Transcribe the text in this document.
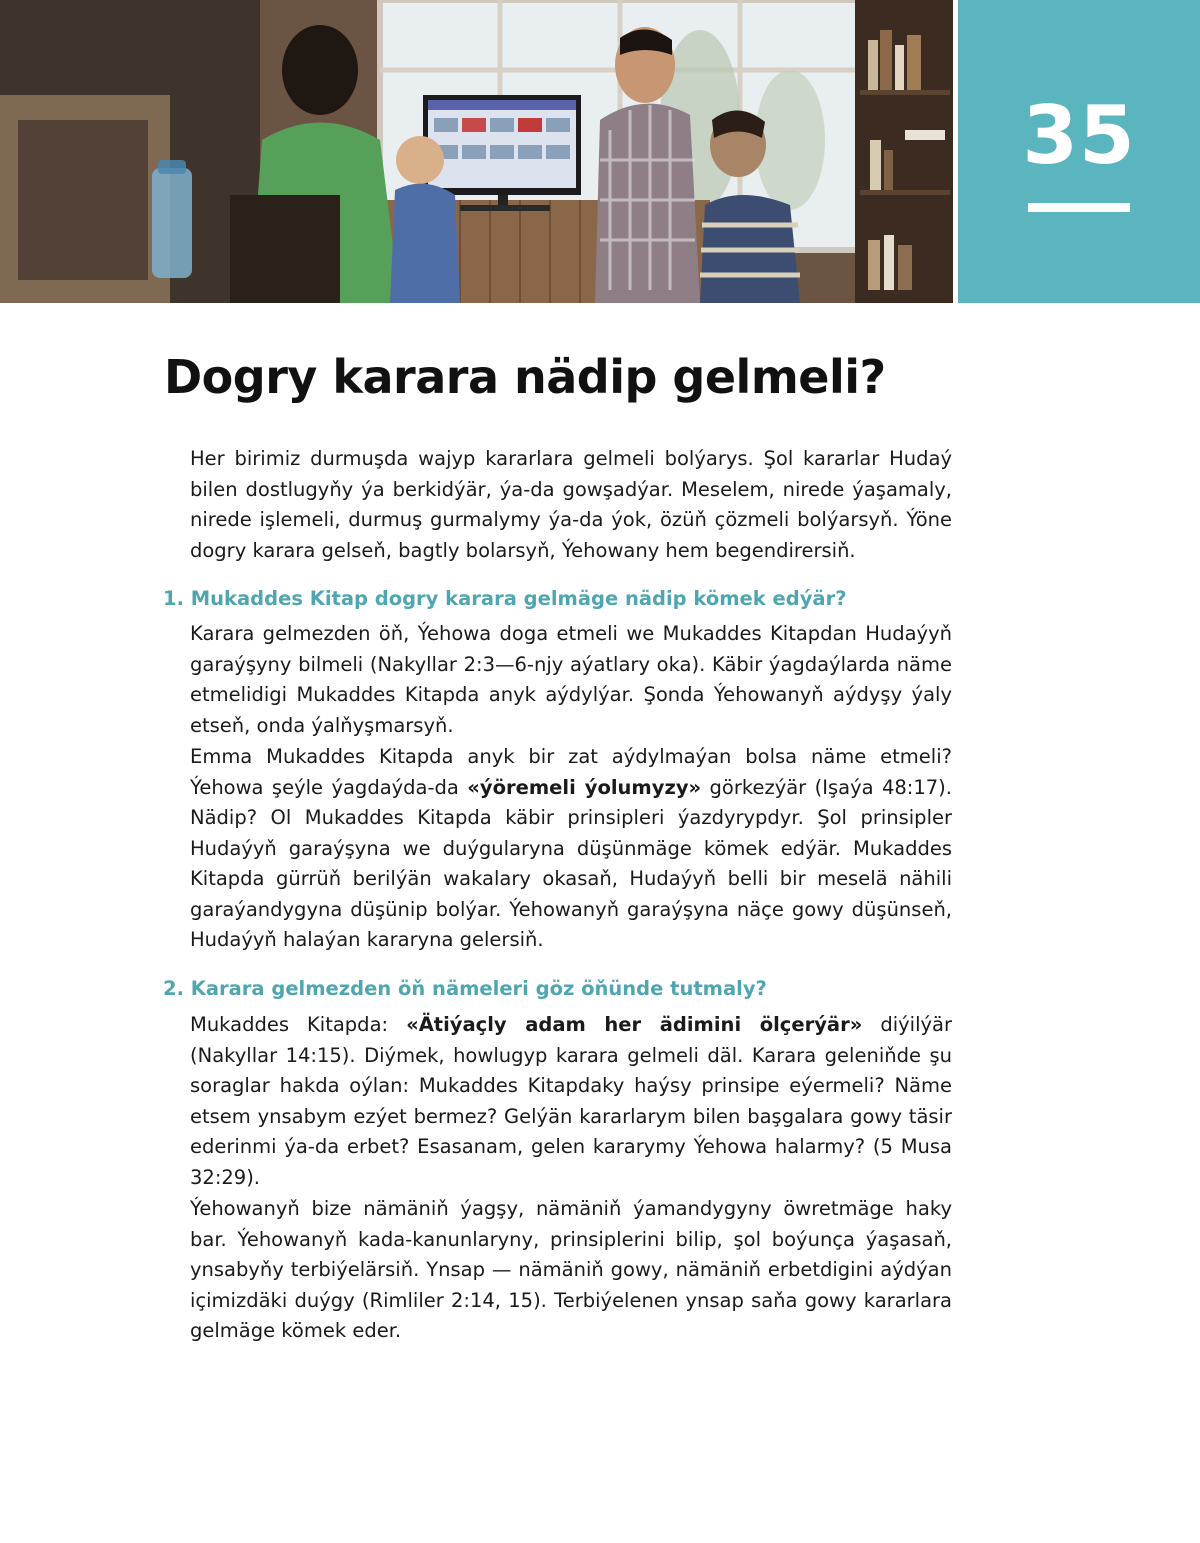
35
Dogry karara nädip gelmeli?

Her birimiz durmuşda wajyp kararlara gelmeli bolýarys. Şol kararlar Hudaý bilen dostlugyňy ýa berkidýär, ýa-da gowşadýar. Meselem, nirede ýaşamaly, nirede işlemeli, durmuş gurmalymy ýa-da ýok, özüň çözmeli bolýarsyň. Ýöne dogry karara gelseň, bagtly bolarsyň, Ýehowany hem begendirersiň.

1. Mukaddes Kitap dogry karara gelmäge nädip kömek edýär?

Karara gelmezden öň, Ýehowa doga etmeli we Mukaddes Kitapdan Hudaýyň garaýşyny bilmeli (Nakyllar 2:3—6-njy aýatlary oka). Käbir ýagdaýlarda näme etmelidigi Mukaddes Kitapda anyk aýdylýar. Şonda Ýehowanyň aýdyşy ýaly etseň, onda ýalňyşmarsyň.

Emma Mukaddes Kitapda anyk bir zat aýdylmaýan bolsa näme etmeli? Ýehowa şeýle ýagdaýda-da «ýöremeli ýolumyzy» görkezýär (Işaýa 48:17). Nädip? Ol Mukaddes Kitapda käbir prinsipleri ýazdyrypdyr. Şol prinsipler Hudaýyň garaýşyna we duýgularyna düşünmäge kömek edýär. Mukaddes Kitapda gürrüň berilýän wakalary okasaň, Hudaýyň belli bir meselä nähili garaýandygyna düşünip bolýar. Ýehowanyň garaýşyna näçe gowy düşünseň, Hudaýyň halaýan kararyna gelersiň.

2. Karara gelmezden öň nämeleri göz öňünde tutmaly?

Mukaddes Kitapda: «Ätiýaçly adam her ädimini ölçerýär» diýilýär (Nakyllar 14:15). Diýmek, howlugyp karara gelmeli däl. Karara geleniňde şu soraglar hakda oýlan: Mukaddes Kitapdaky haýsy prinsipe eýermeli? Näme etsem ynsabym ezýet bermez? Gelýän kararlarym bilen başgalara gowy täsir ederinmi ýa-da erbet? Esasanam, gelen kararymy Ýehowa halarmy? (5 Musa 32:29).

Ýehowanyň bize nämäniň ýagşy, nämäniň ýamandygyny öwretmäge haky bar. Ýehowanyň kada-kanunlaryny, prinsiplerini bilip, şol boýunça ýaşasaň, ynsabyňy terbiýelärsiň. Ynsap — nämäniň gowy, nämäniň erbetdigini aýdýan içimizdäki duýgy (Rimliler 2:14, 15). Terbiýelenen ynsap saňa gowy kararlara gelmäge kömek eder.
